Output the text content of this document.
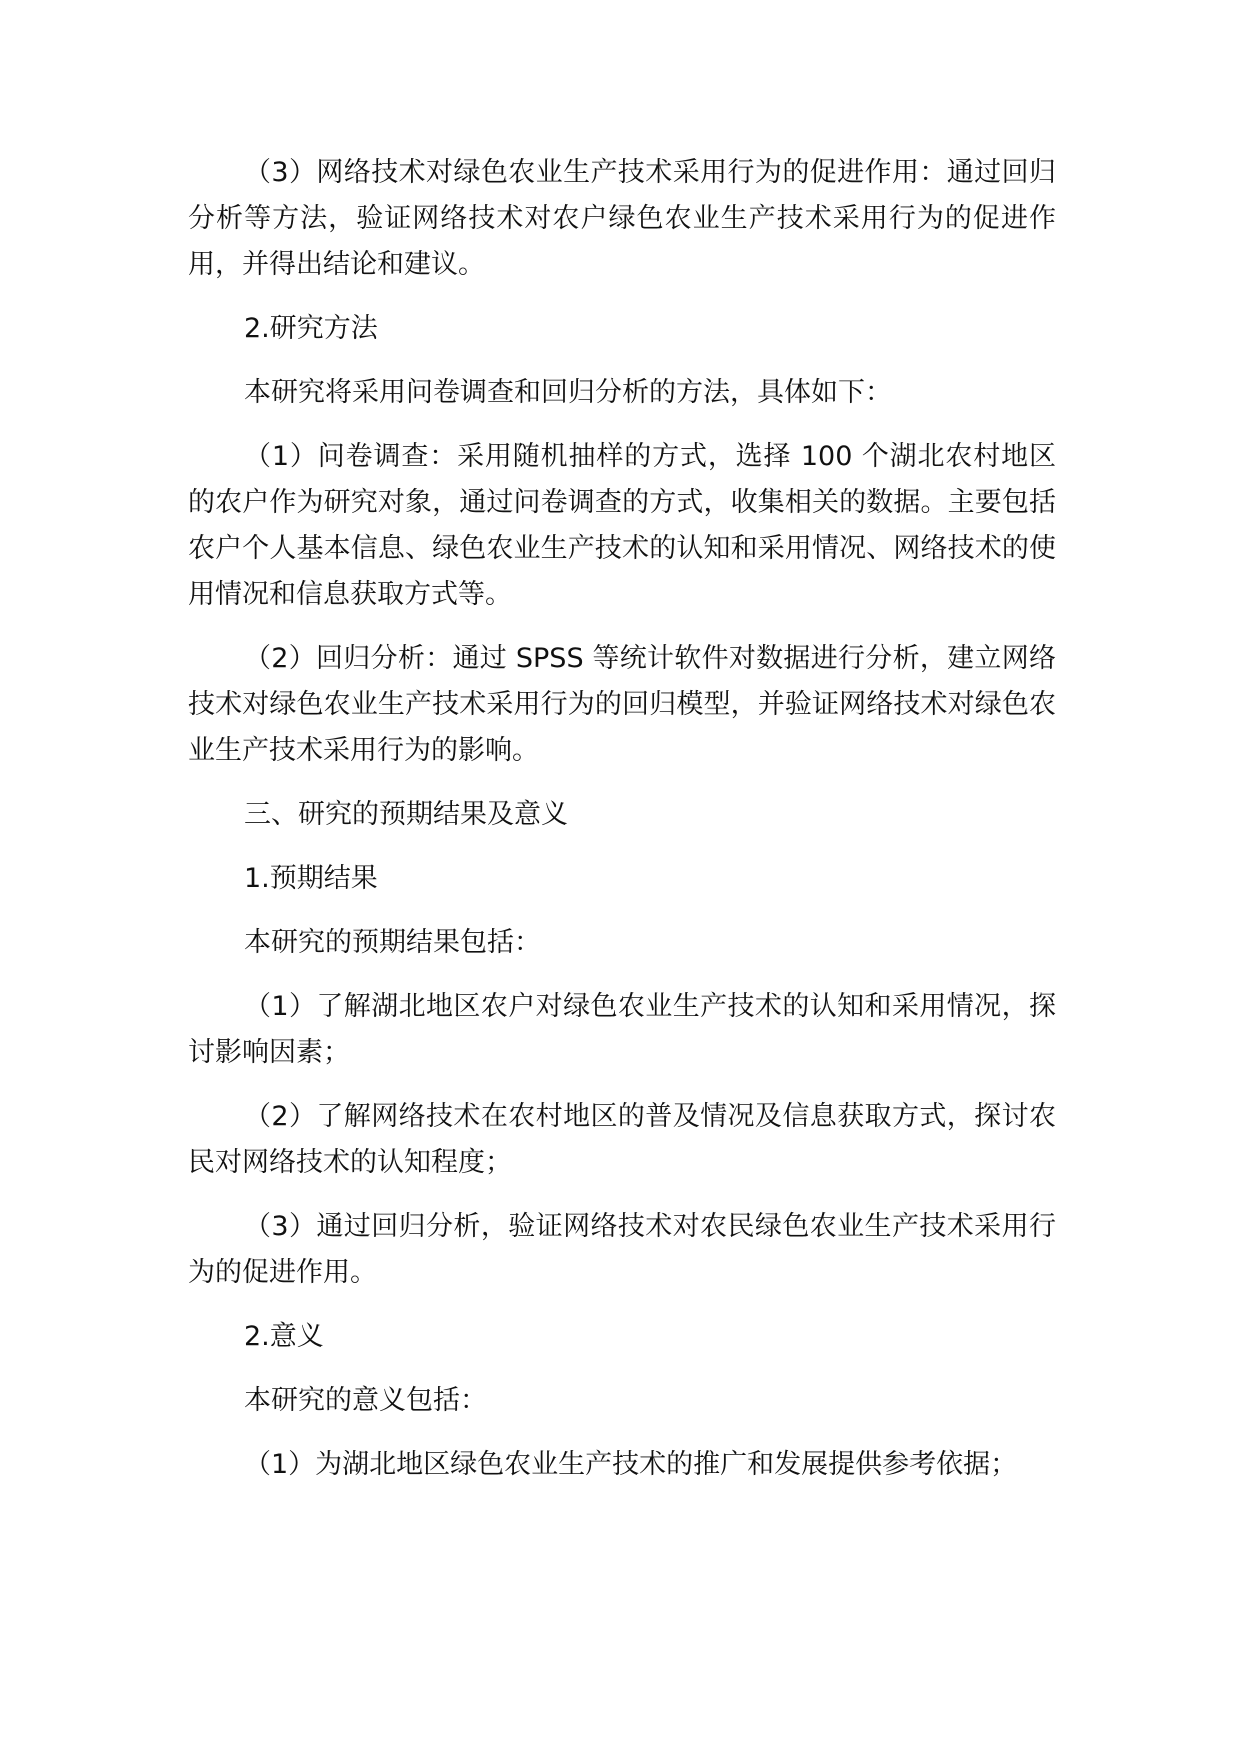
（3）网络技术对绿色农业生产技术采用行为的促进作用：通过回归分析等方法，验证网络技术对农户绿色农业生产技术采用行为的促进作用，并得出结论和建议。

2.研究方法

本研究将采用问卷调查和回归分析的方法，具体如下：

（1）问卷调查：采用随机抽样的方式，选择 100 个湖北农村地区的农户作为研究对象，通过问卷调查的方式，收集相关的数据。主要包括农户个人基本信息、绿色农业生产技术的认知和采用情况、网络技术的使用情况和信息获取方式等。

（2）回归分析：通过 SPSS 等统计软件对数据进行分析，建立网络技术对绿色农业生产技术采用行为的回归模型，并验证网络技术对绿色农业生产技术采用行为的影响。

三、研究的预期结果及意义

1.预期结果

本研究的预期结果包括：

（1）了解湖北地区农户对绿色农业生产技术的认知和采用情况，探讨影响因素；

（2）了解网络技术在农村地区的普及情况及信息获取方式，探讨农民对网络技术的认知程度；

（3）通过回归分析，验证网络技术对农民绿色农业生产技术采用行为的促进作用。

2.意义

本研究的意义包括：

（1）为湖北地区绿色农业生产技术的推广和发展提供参考依据；
